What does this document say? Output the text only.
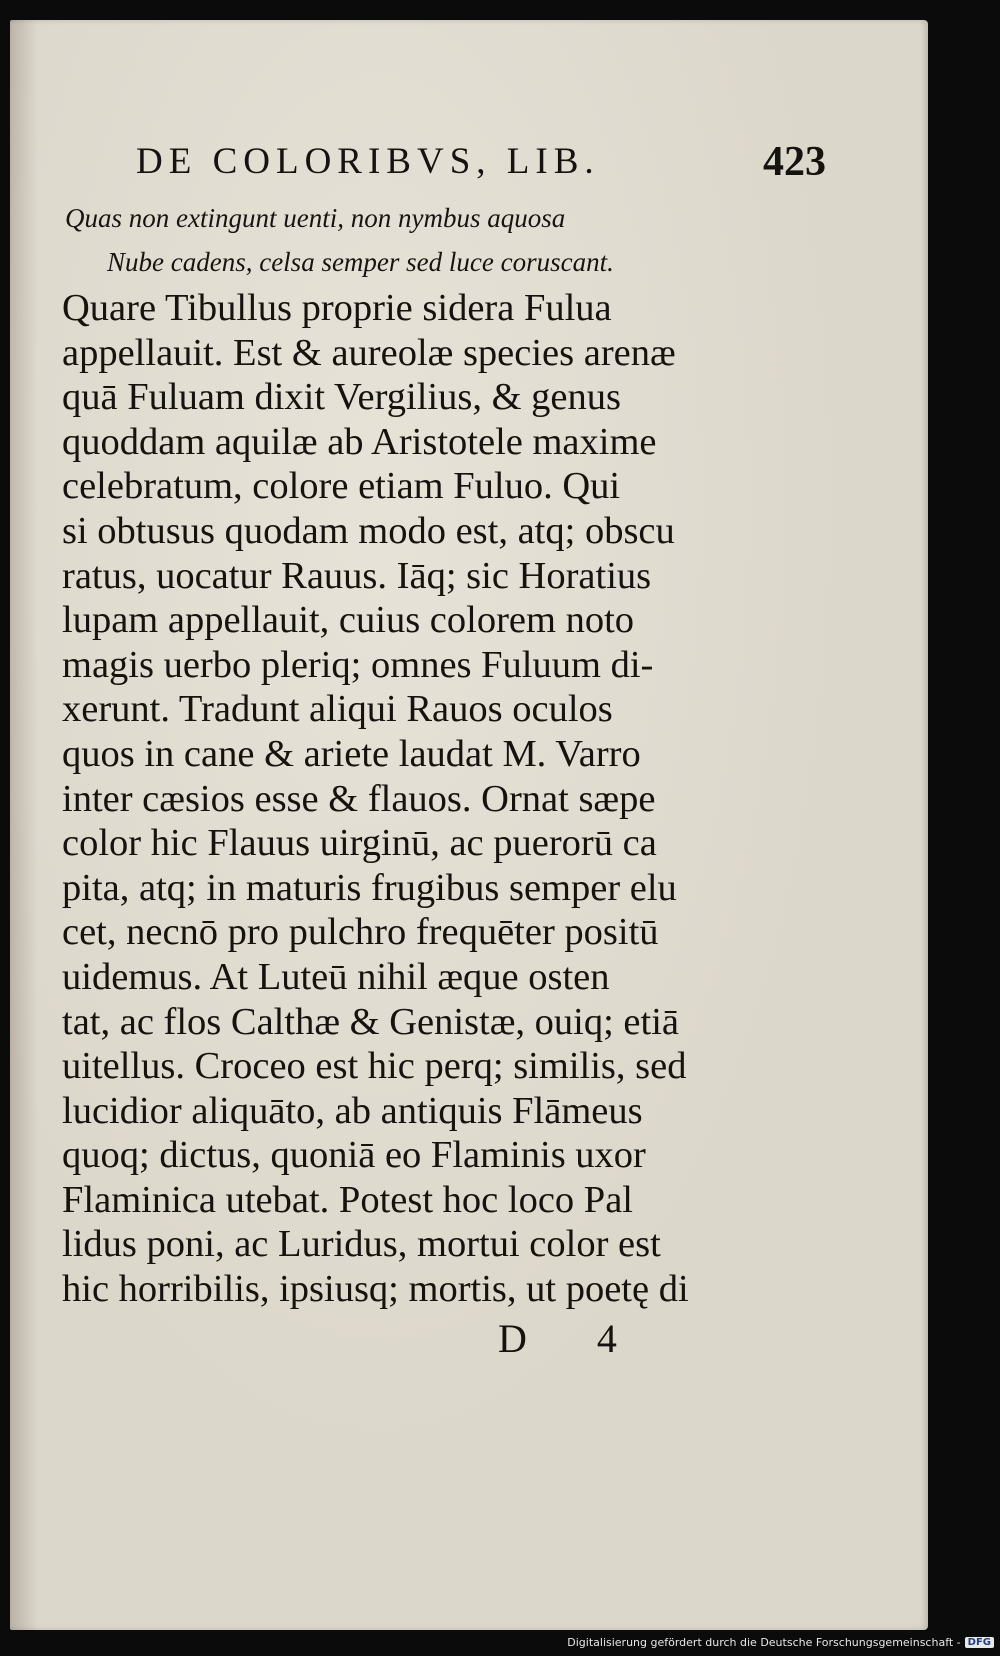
DE COLORIBVS, LIB.	423
Quas non extingunt uenti, non nymbus aquosa
Nube cadens, celsa semper sed luce coruscant.
Quare Tibullus proprie sidera Fulua
appellauit. Est & aureolæ species arenæ
quā Fuluam dixit Vergilius, & genus
quoddam aquilæ ab Aristotele maxime
celebratum, colore etiam Fuluo. Qui
si obtusus quodam modo est, atq; obscu
ratus, uocatur Rauus. Iāq; sic Horatius
lupam appellauit, cuius colorem noto
magis uerbo pleriq; omnes Fuluum di-
xerunt. Tradunt aliqui Rauos oculos
quos in cane & ariete laudat M. Varro
inter cæsios esse & flauos. Ornat sæpe
color hic Flauus uirginū, ac puerorū ca
pita, atq; in maturis frugibus semper elu
cet, necnō pro pulchro frequēter positū
uidemus. At Luteū nihil æque osten
tat, ac flos Calthæ & Genistæ, ouiq; etiā
uitellus. Croceo est hic perq; similis, sed
lucidior aliquāto, ab antiquis Flāmeus
quoq; dictus, quoniā eo Flaminis uxor
Flaminica utebat. Potest hoc loco Pal
lidus poni, ac Luridus, mortui color est
hic horribilis, ipsiusq; mortis, ut poetę di
D 4
Digitalisierung gefördert durch die Deutsche Forschungsgemeinschaft - DFG
